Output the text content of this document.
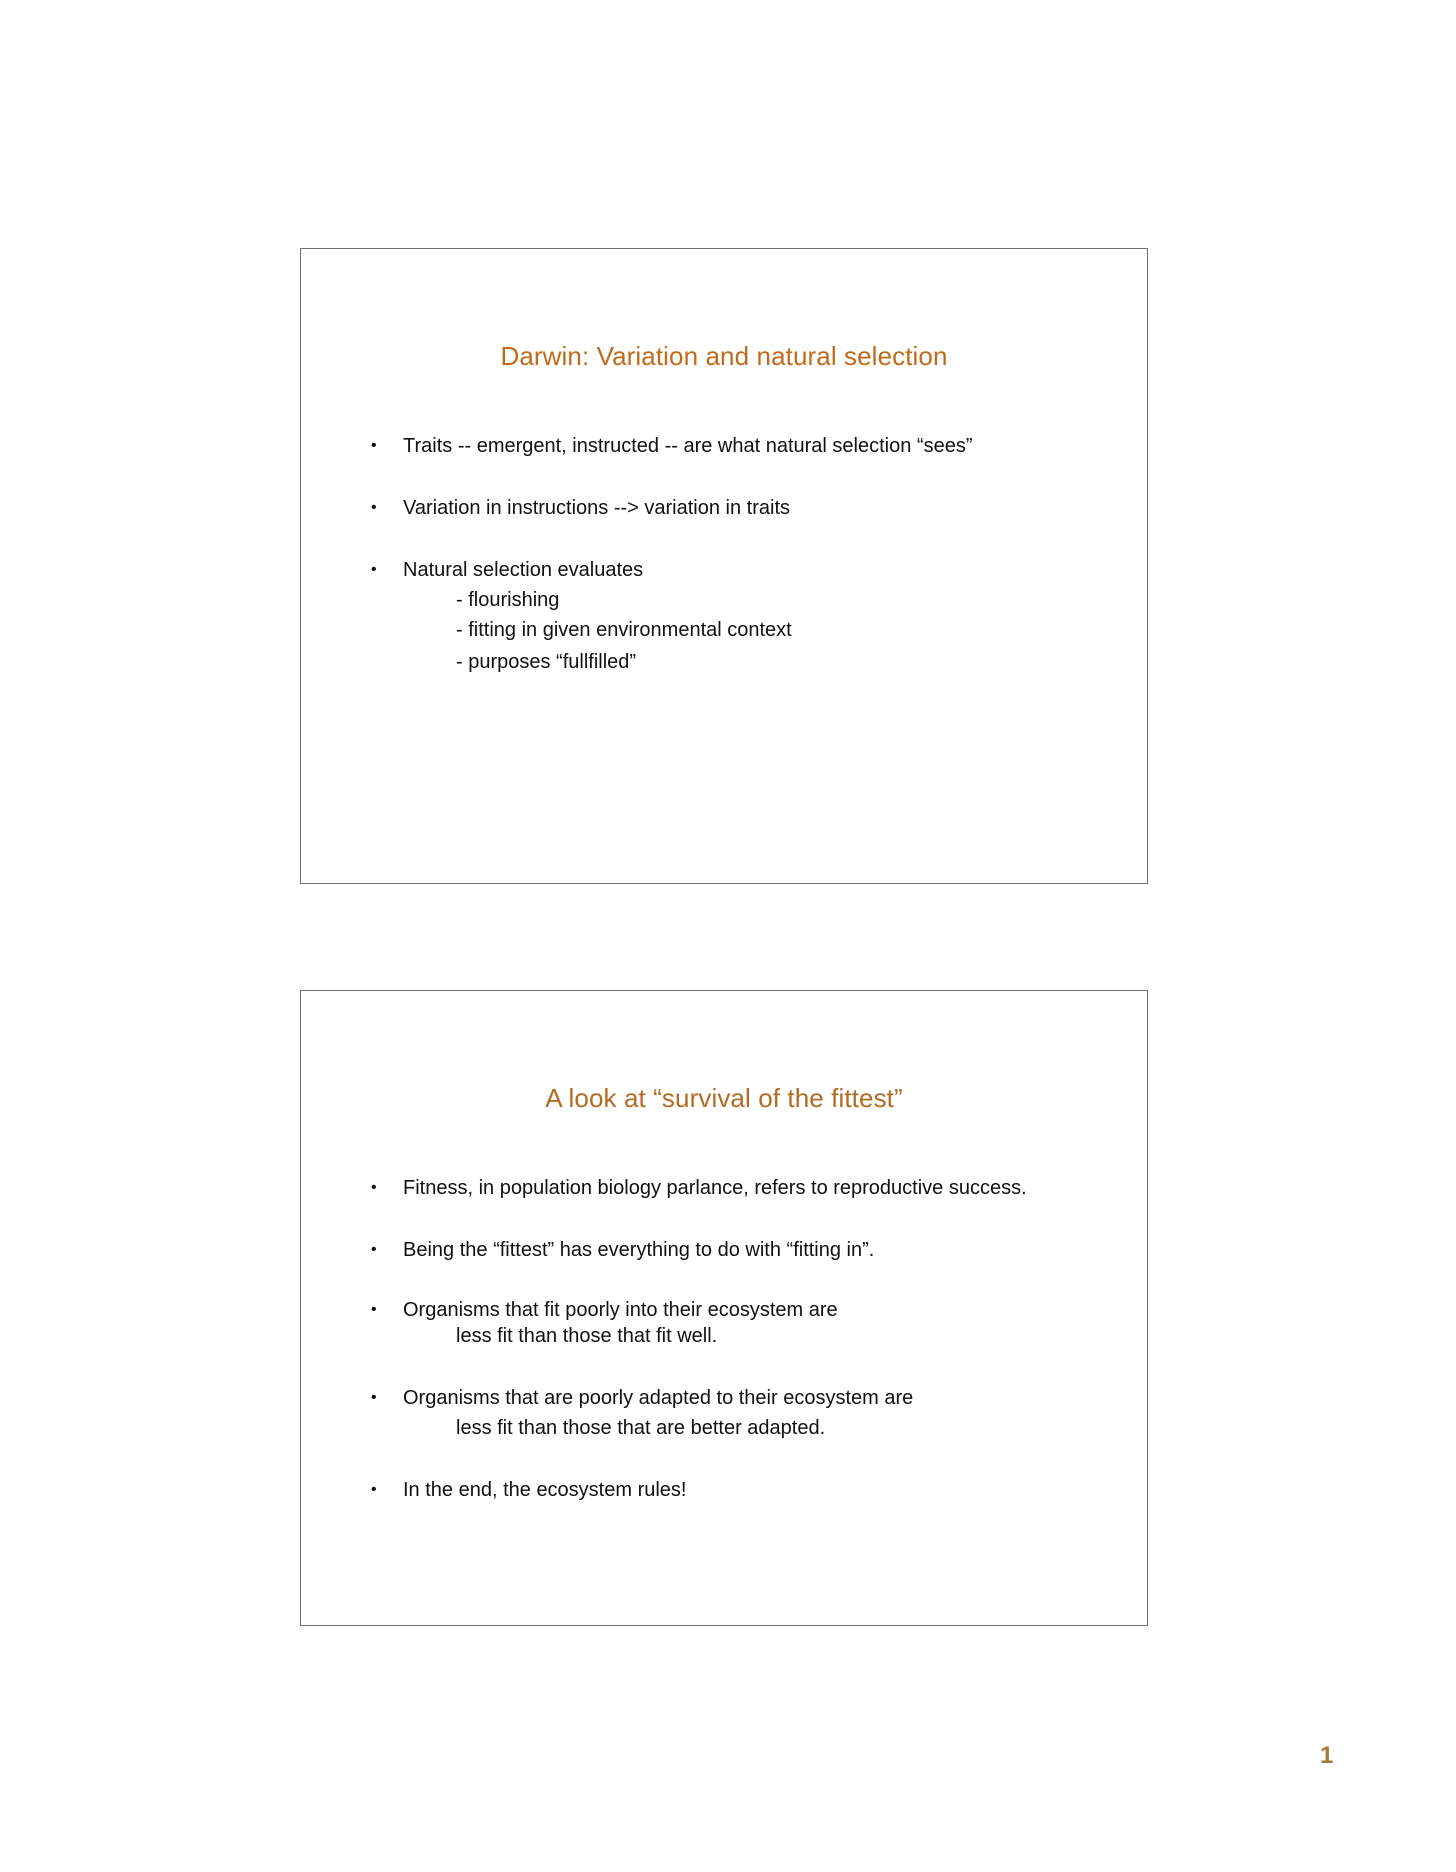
Darwin: Variation and natural selection
• Traits -- emergent, instructed -- are what natural selection “sees”
• Variation in instructions --> variation in traits
• Natural selection evaluates
- flourishing
- fitting in given environmental context
- purposes “fullfilled”
A look at “survival of the fittest”
• Fitness, in population biology parlance, refers to reproductive success.
• Being the “fittest” has everything to do with “fitting in”.
• Organisms that fit poorly into their ecosystem are
less fit than those that fit well.
• Organisms that are poorly adapted to their ecosystem are
less fit than those that are better adapted.
• In the end, the ecosystem rules!
1
